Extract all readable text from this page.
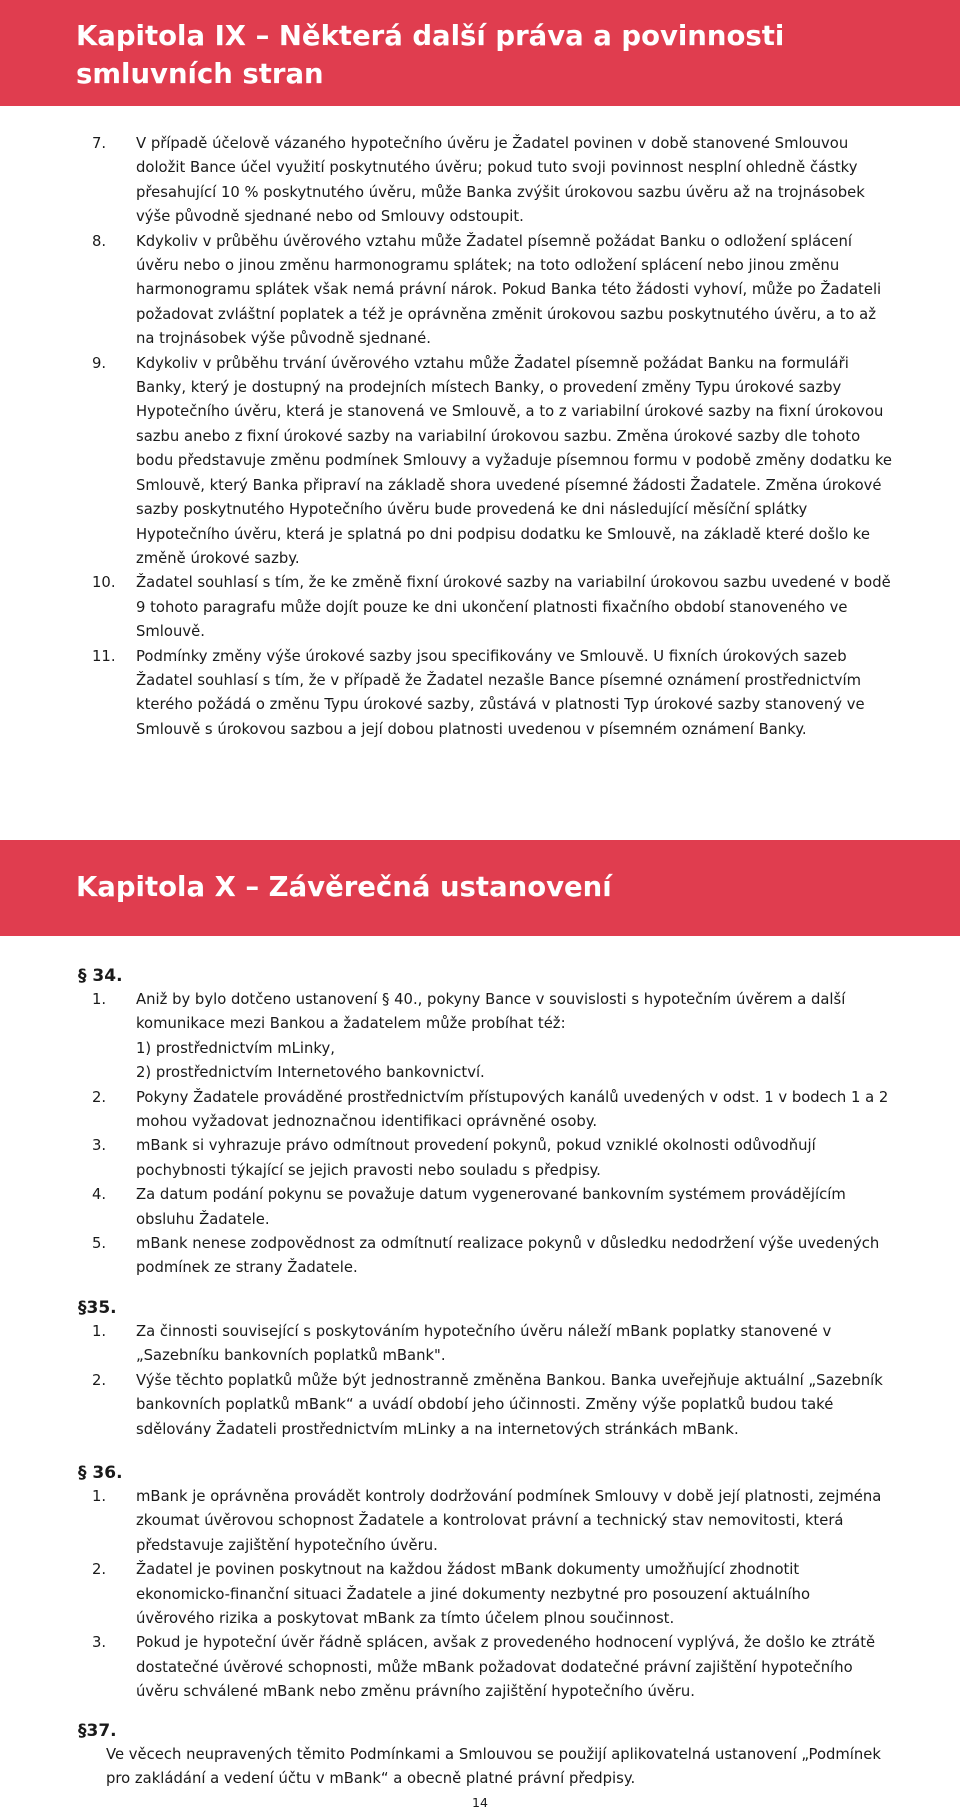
Kapitola IX – Některá další práva a povinnosti
smluvních stran
7.	V případě účelově vázaného hypotečního úvěru je Žadatel povinen v době stanovené Smlouvou doložit Bance účel využití poskytnutého úvěru; pokud tuto svoji povinnost nesplní ohledně částky přesahující 10 % poskytnutého úvěru, může Banka zvýšit úrokovou sazbu úvěru až na trojnásobek výše původně sjednané nebo od Smlouvy odstoupit.
8.	Kdykoliv v průběhu úvěrového vztahu může Žadatel písemně požádat Banku o odložení splácení úvěru nebo o jinou změnu harmonogramu splátek; na toto odložení splácení nebo jinou změnu harmonogramu splátek však nemá právní nárok. Pokud Banka této žádosti vyhoví, může po Žadateli požadovat zvláštní poplatek a též je oprávněna změnit úrokovou sazbu poskytnutého úvěru, a to až na trojnásobek výše původně sjednané.
9.	Kdykoliv v průběhu trvání úvěrového vztahu může Žadatel písemně požádat Banku na formuláři Banky, který je dostupný na prodejních místech Banky, o provedení změny Typu úrokové sazby Hypotečního úvěru, která je stanovená ve Smlouvě, a to z variabilní úrokové sazby na fixní úrokovou sazbu anebo z fixní úrokové sazby na variabilní úrokovou sazbu. Změna úrokové sazby dle tohoto bodu představuje změnu podmínek Smlouvy a vyžaduje písemnou formu v podobě změny dodatku ke Smlouvě, který Banka připraví na základě shora uvedené písemné žádosti Žadatele. Změna úrokové sazby poskytnutého Hypotečního úvěru bude provedená ke dni následující měsíční splátky Hypotečního úvěru, která je splatná po dni podpisu dodatku ke Smlouvě, na základě které došlo ke změně úrokové sazby.
10.	Žadatel souhlasí s tím, že ke změně fixní úrokové sazby na variabilní úrokovou sazbu uvedené v bodě 9 tohoto paragrafu může dojít pouze ke dni ukončení platnosti fixačního období stanoveného ve Smlouvě.
11.	Podmínky změny výše úrokové sazby jsou specifikovány ve Smlouvě. U fixních úrokových sazeb Žadatel souhlasí s tím, že v případě že Žadatel nezašle Bance písemné oznámení prostřednictvím kterého požádá o změnu Typu úrokové sazby, zůstává v platnosti Typ úrokové sazby stanovený ve Smlouvě s úrokovou sazbou a její dobou platnosti uvedenou v písemném oznámení Banky.
Kapitola X – Závěrečná ustanovení
§ 34.
1.	Aniž by bylo dotčeno ustanovení § 40., pokyny Bance v souvislosti s hypotečním úvěrem a další komunikace mezi Bankou a žadatelem může probíhat též:
1) prostřednictvím mLinky,
2) prostřednictvím Internetového bankovnictví.
2.	Pokyny Žadatele prováděné prostřednictvím přístupových kanálů uvedených v odst. 1 v bodech 1 a 2 mohou vyžadovat jednoznačnou identifikaci oprávněné osoby.
3.	mBank si vyhrazuje právo odmítnout provedení pokynů, pokud vzniklé okolnosti odůvodňují pochybnosti týkající se jejich pravosti nebo souladu s předpisy.
4.	Za datum podání pokynu se považuje datum vygenerované bankovním systémem provádějícím obsluhu Žadatele.
5.	mBank nenese zodpovědnost za odmítnutí realizace pokynů v důsledku nedodržení výše uvedených podmínek ze strany Žadatele.
§35.
1.	Za činnosti související s poskytováním hypotečního úvěru náleží mBank poplatky stanovené v „Sazebníku bankovních poplatků mBank".
2.	Výše těchto poplatků může být jednostranně změněna Bankou. Banka uveřejňuje aktuální „Sazebník bankovních poplatků mBank“ a uvádí období jeho účinnosti. Změny výše poplatků budou také sdělovány Žadateli prostřednictvím mLinky a na internetových stránkách mBank.
§ 36.
1.	mBank je oprávněna provádět kontroly dodržování podmínek Smlouvy v době její platnosti, zejména zkoumat úvěrovou schopnost Žadatele a kontrolovat právní a technický stav nemovitosti, která představuje zajištění hypotečního úvěru.
2.	Žadatel je povinen poskytnout na každou žádost mBank dokumenty umožňující zhodnotit ekonomicko-finanční situaci Žadatele a jiné dokumenty nezbytné pro posouzení aktuálního úvěrového rizika a poskytovat mBank za tímto účelem plnou součinnost.
3.	Pokud je hypoteční úvěr řádně splácen, avšak z provedeného hodnocení vyplývá, že došlo ke ztrátě dostatečné úvěrové schopnosti, může mBank požadovat dodatečné právní zajištění hypotečního úvěru schválené mBank nebo změnu právního zajištění hypotečního úvěru.
§37.
Ve věcech neupravených těmito Podmínkami a Smlouvou se použijí aplikovatelná ustanovení „Podmínek pro zakládání a vedení účtu v mBank“ a obecně platné právní předpisy.
14
